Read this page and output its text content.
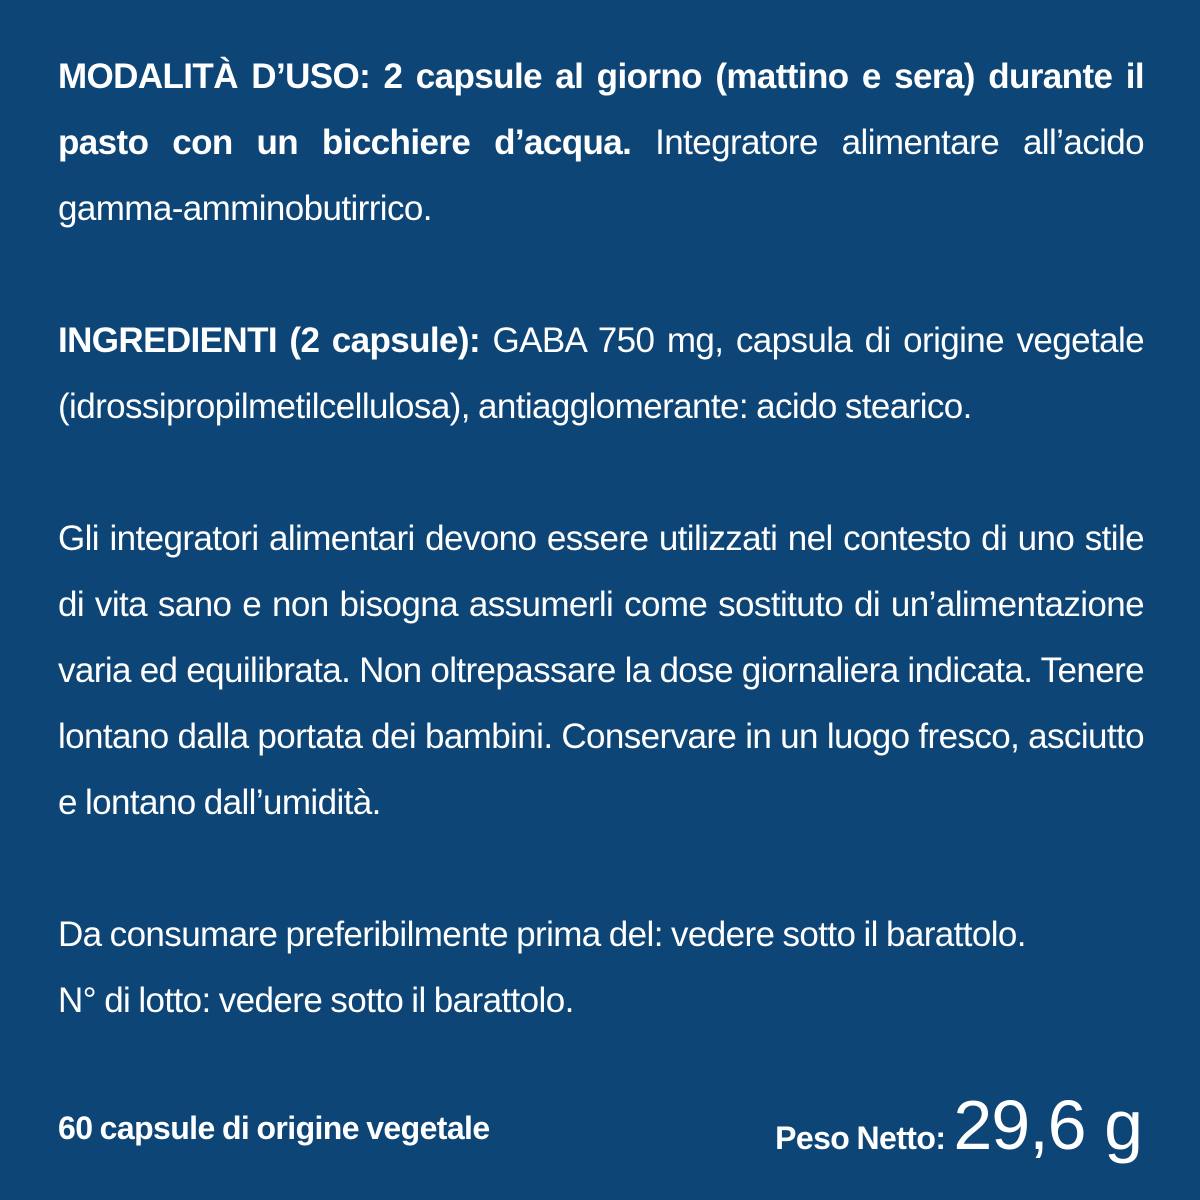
MODALITÀ D’USO: 2 capsule al giorno (mattino e sera) durante il pasto con un bicchiere d’acqua. Integratore alimentare all’acido gamma-amminobutirrico.

INGREDIENTI (2 capsule): GABA 750 mg, capsula di origine vegetale (idrossipropilmetilcellulosa), antiagglomerante: acido stearico.

Gli integratori alimentari devono essere utilizzati nel contesto di uno stile di vita sano e non bisogna assumerli come sostituto di un’alimentazione varia ed equilibrata. Non oltrepassare la dose giornaliera indicata. Tenere lontano dalla portata dei bambini. Conservare in un luogo fresco, asciutto e lontano dall’umidità.

Da consumare preferibilmente prima del: vedere sotto il barattolo.

N° di lotto: vedere sotto il barattolo.

60 capsule di origine vegetale	Peso Netto: 29,6 g
